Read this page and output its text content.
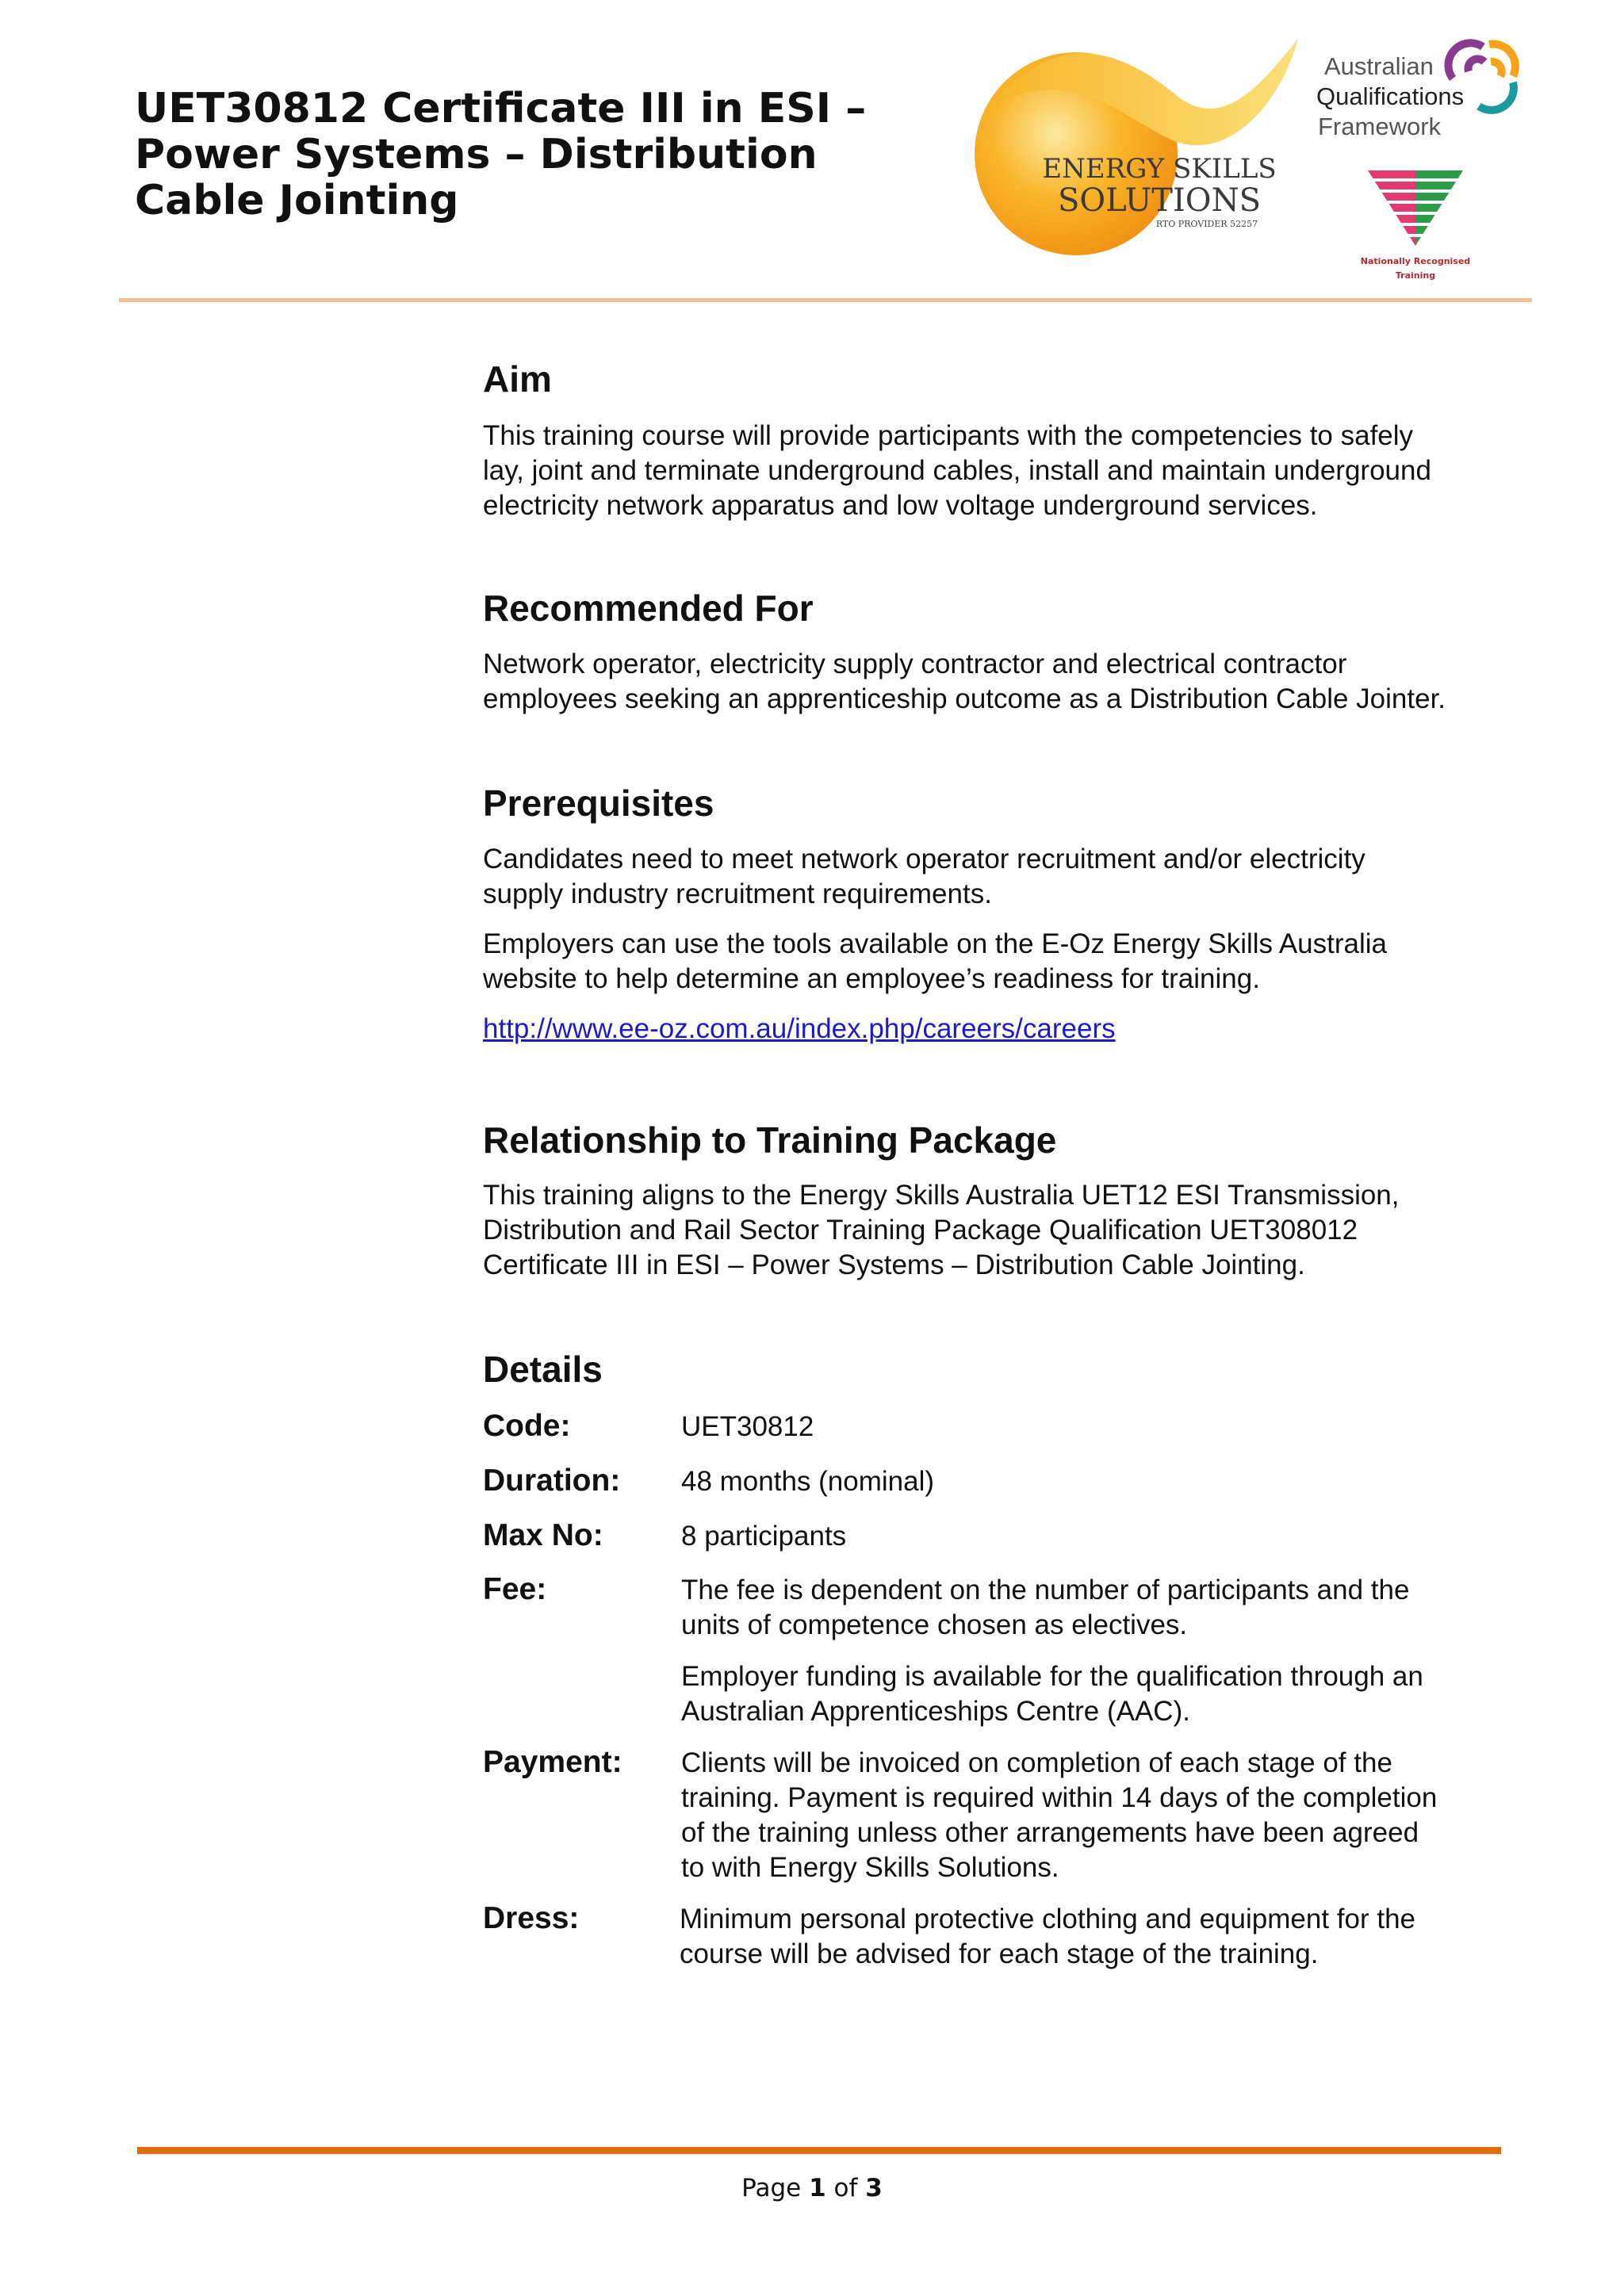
UET30812 Certificate III in ESI –
Power Systems – Distribution
Cable Jointing
ENERGY SKILLS
SOLUTIONS
RTO PROVIDER 52257
Australian
Qualifications
Framework
Nationally Recognised
Training
Aim
This training course will provide participants with the competencies to safely
lay, joint and terminate underground cables, install and maintain underground
electricity network apparatus and low voltage underground services.
Recommended For
Network operator, electricity supply contractor and electrical contractor
employees seeking an apprenticeship outcome as a Distribution Cable Jointer.
Prerequisites
Candidates need to meet network operator recruitment and/or electricity
supply industry recruitment requirements.
Employers can use the tools available on the E-Oz Energy Skills Australia
website to help determine an employee’s readiness for training.
http://www.ee-oz.com.au/index.php/careers/careers
Relationship to Training Package
This training aligns to the Energy Skills Australia UET12 ESI Transmission,
Distribution and Rail Sector Training Package Qualification UET308012
Certificate III in ESI – Power Systems – Distribution Cable Jointing.
Details
Code:	UET30812
Duration: 48 months (nominal)
Max No:	8 participants
Fee:	The fee is dependent on the number of participants and the
units of competence chosen as electives.
Employer funding is available for the qualification through an
Australian Apprenticeships Centre (AAC).
Payment: Clients will be invoiced on completion of each stage of the
training. Payment is required within 14 days of the completion
of the training unless other arrangements have been agreed
to with Energy Skills Solutions.
Dress:	Minimum personal protective clothing and equipment for the
course will be advised for each stage of the training.
Page 1 of 3
